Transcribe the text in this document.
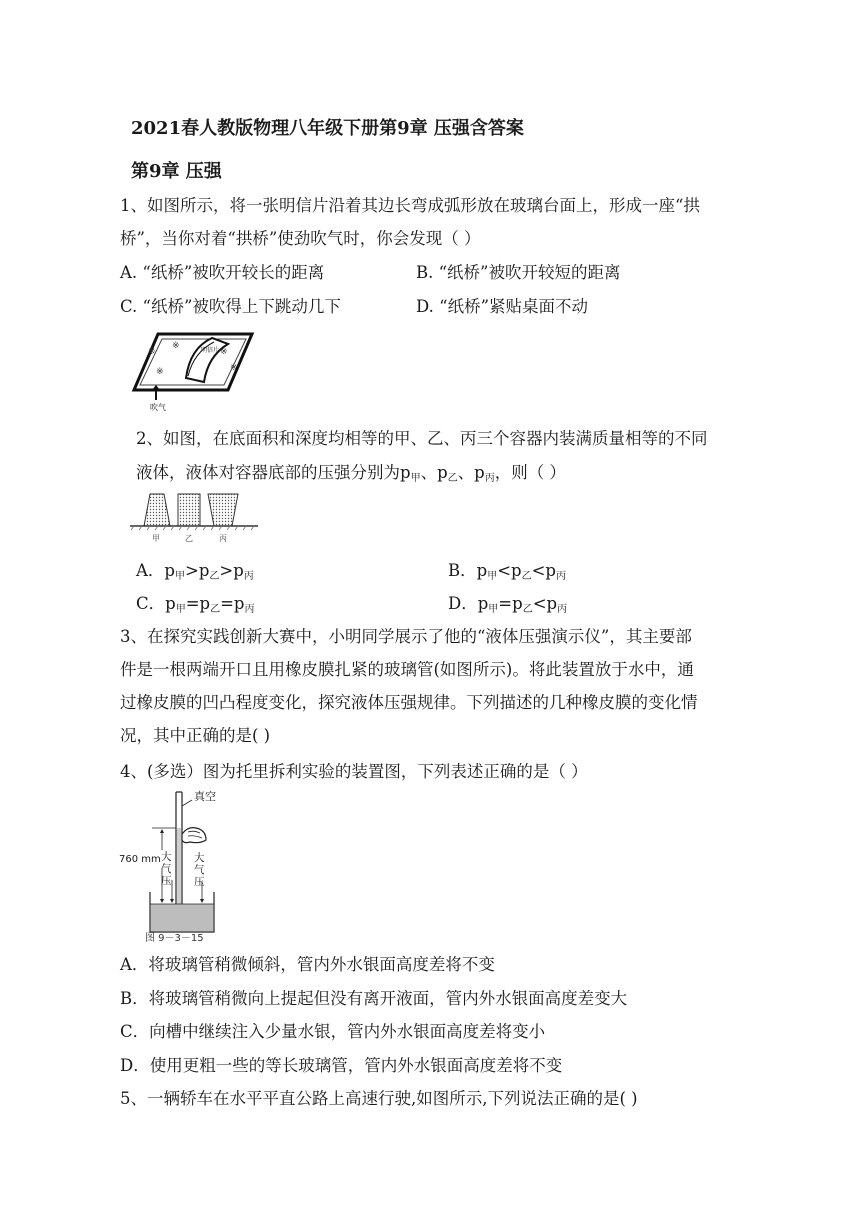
2021春人教版物理八年级下册第9章 压强含答案
第9章 压强
1、如图所示，将一张明信片沿着其边长弯成弧形放在玻璃台面上，形成一座“拱
桥”，当你对着“拱桥”使劲吹气时，你会发现（ ）
A. “纸桥”被吹开较长的距离	B. “纸桥”被吹开较短的距离
C. “纸桥”被吹得上下跳动几下	D. “纸桥”紧贴桌面不动
※
※
※	※
※
明信片
吹气
2、如图，在底面积和深度均相等的甲、乙、丙三个容器内装满质量相等的不同
液体，液体对容器底部的压强分别为p甲、p乙、p丙，则（ ）
甲	乙	丙
A．p甲>p乙>p丙	B．p甲<p乙<p丙
C．p甲=p乙=p丙	D．p甲=p乙<p丙
3、在探究实践创新大赛中，小明同学展示了他的“液体压强演示仪”，其主要部
件是一根两端开口且用橡皮膜扎紧的玻璃管(如图所示)。将此装置放于水中，通
过橡皮膜的凹凸程度变化，探究液体压强规律。下列描述的几种橡皮膜的变化情
况，其中正确的是( )
4、(多选）图为托里拆利实验的装置图，下列表述正确的是（ ）
真空
760 mm 大气压
大气压
图 9－3－15
A．将玻璃管稍微倾斜，管内外水银面高度差将不变
B．将玻璃管稍微向上提起但没有离开液面，管内外水银面高度差变大
C．向槽中继续注入少量水银，管内外水银面高度差将变小
D．使用更粗一些的等长玻璃管，管内外水银面高度差将不变
5、一辆轿车在水平平直公路上高速行驶,如图所示,下列说法正确的是( )
